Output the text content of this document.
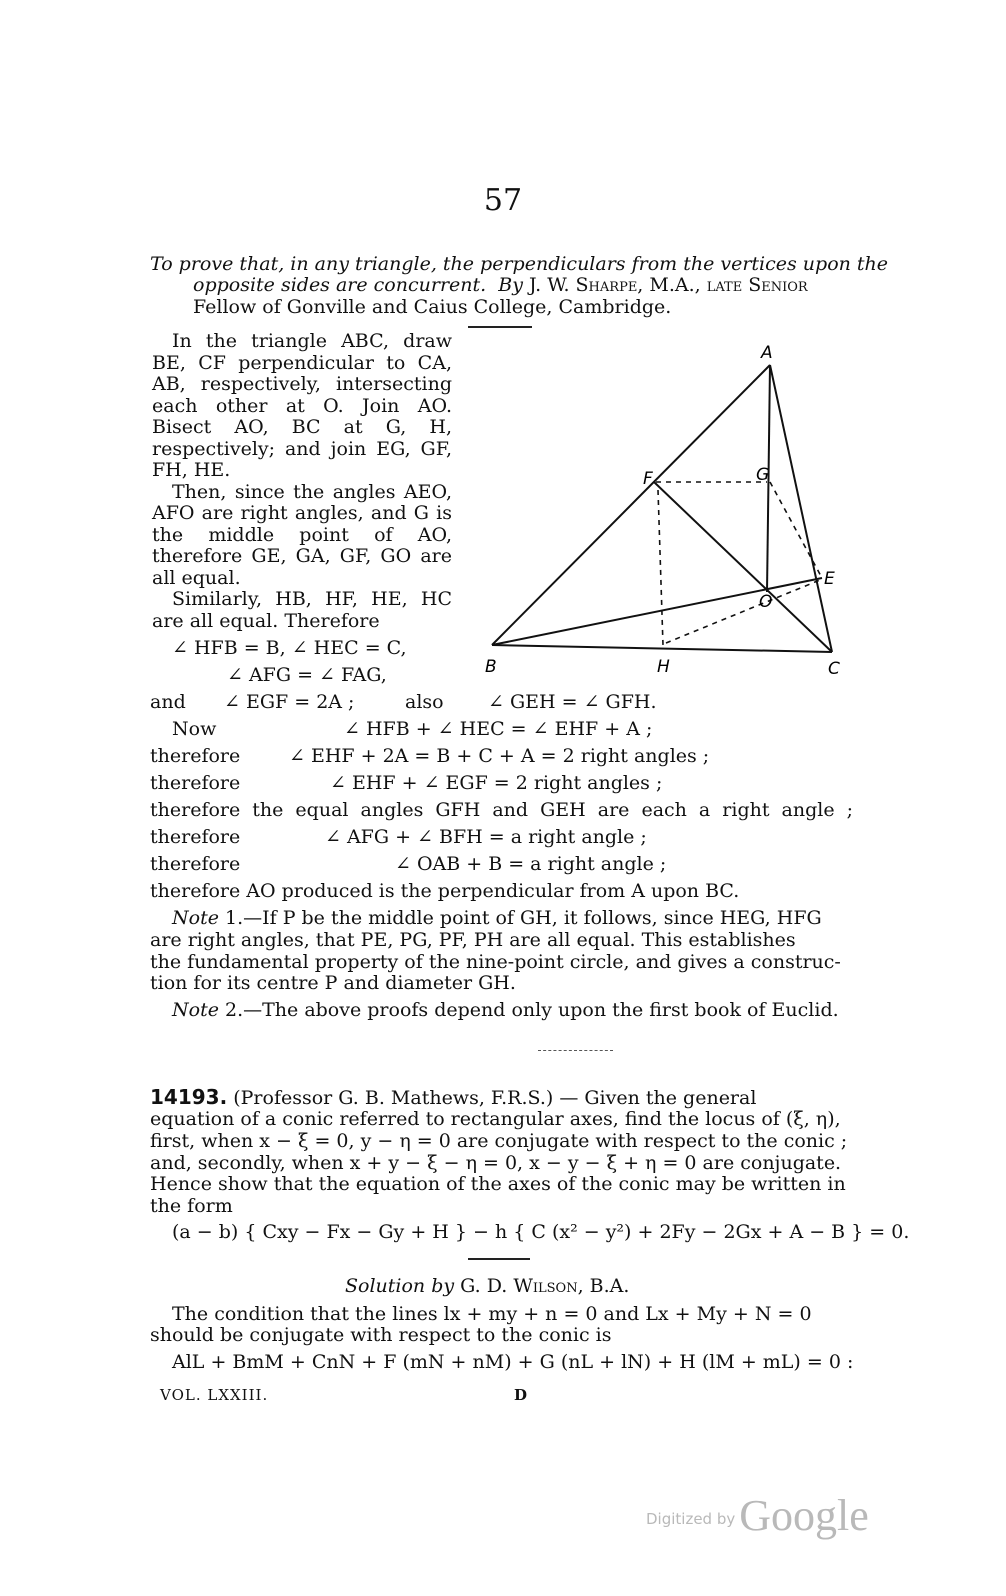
57
To prove that, in any triangle, the perpendiculars from the vertices upon the
opposite sides are concurrent. By J. W. Sharpe, M.A., late Senior
Fellow of Gonville and Caius College, Cambridge.

In the triangle ABC, draw BE, CF perpendicular to CA, AB, respectively, intersecting each other at O. Join AO. Bisect AO, BC at G, H, respectively; and join EG, GF, FH, HE.

Then, since the angles AEO, AFO are right angles, and G is the middle point of AO, therefore GE, GA, GF, GO are all equal.

Similarly, HB, HF, HE, HC are all equal. Therefore

A
F	G
E
O
B	H	C
∠ HFB = B, ∠ HEC = C,
∠ AFG = ∠ FAG,
and ∠ EGF = 2A ;	also ∠ GEH = ∠ GFH.
Now	∠ HFB + ∠ HEC = ∠ EHF + A ;
therefore	∠ EHF + 2A = B + C + A = 2 right angles ;
therefore	∠ EHF + ∠ EGF = 2 right angles ;
therefore the equal angles GFH and GEH are each a right angle ;
therefore	∠ AFG + ∠ BFH = a right angle ;
therefore	∠ OAB + B = a right angle ;
therefore AO produced is the perpendicular from A upon BC.
Note 1.—If P be the middle point of GH, it follows, since HEG, HFG
are right angles, that PE, PG, PF, PH are all equal. This establishes
the fundamental property of the nine-point circle, and gives a construc-
tion for its centre P and diameter GH.
Note 2.—The above proofs depend only upon the first book of Euclid.
14193. (Professor G. B. Mathews, F.R.S.) — Given the general
equation of a conic referred to rectangular axes, find the locus of (ξ, η),
first, when x − ξ = 0, y − η = 0 are conjugate with respect to the conic ;
and, secondly, when x + y − ξ − η = 0, x − y − ξ + η = 0 are conjugate.
Hence show that the equation of the axes of the conic may be written in
the form
(a − b) { Cxy − Fx − Gy + H } − h { C (x² − y²) + 2Fy − 2Gx + A − B } = 0.
Solution by G. D. Wilson, B.A.
The condition that the lines lx + my + n = 0 and Lx + My + N = 0
should be conjugate with respect to the conic is
AlL + BmM + CnN + F (mN + nM) + G (nL + lN) + H (lM + mL) = 0 :
VOL. LXXIII.	D
Digitized byGoogle
